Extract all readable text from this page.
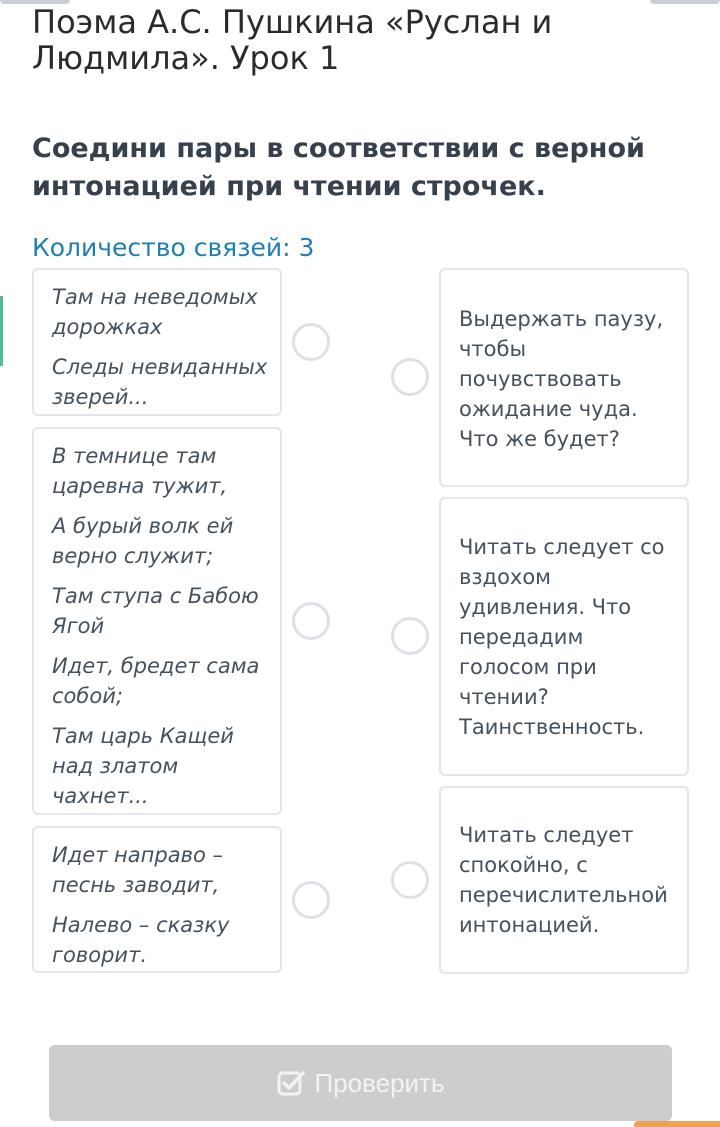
Поэма А.С. Пушкина «Руслан и Людмила». Урок 1
Соедини пары в соответствии с верной интонацией при чтении строчек.
Количество связей: 3
Там на неведомых дорожках
Следы невиданных зверей...
В темнице там царевна тужит,
А бурый волк ей верно служит;
Там ступа с Бабою Ягой
Идет, бредет сама собой;
Там царь Кащей над златом чахнет...
Идет направо – песнь заводит,
Налево – сказку говорит.
Выдержать паузу, чтобы почувствовать ожидание чуда. Что же будет?
Читать следует со вздохом удивления. Что передадим голосом при чтении? Таинственность.
Читать следует спокойно, с перечислительной интонацией.
Проверить
